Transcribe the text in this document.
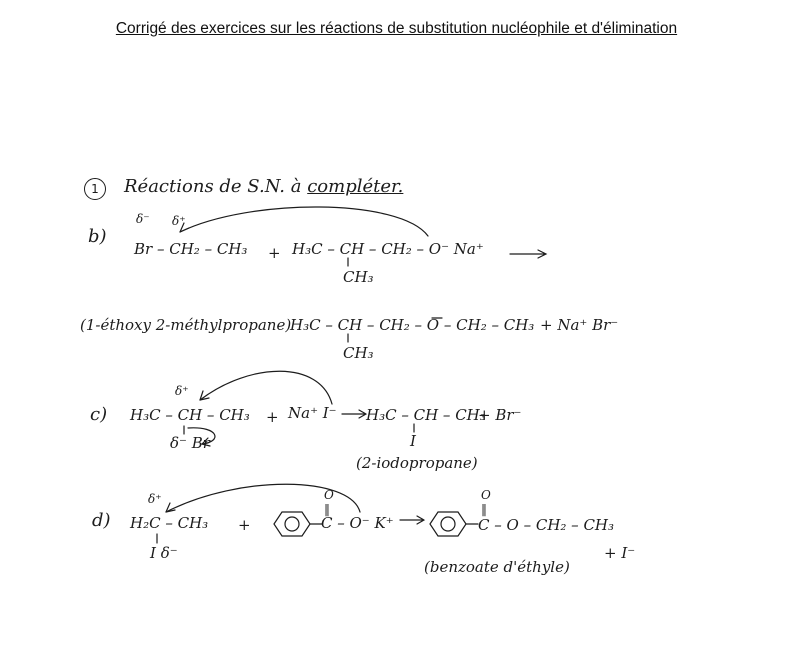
Corrigé des exercices sur les réactions de substitution nucléophile et d'élimination
1	Réactions de S.N. à compléter.
b)
δ⁻ δ⁺
Br – CH₂ – CH₃ + H₃C – CH – CH₂ – O⁻ Na⁺
CH₃
(1-éthoxy 2-méthylpropane)
H₃C – CH – CH₂ – O – CH₂ – CH₃
CH₃
+ Na⁺ Br⁻
c)
δ⁺
H₃C – CH – CH₃
δ⁻ Br
+ Na⁺ I⁻ H₃C – CH – CH₃
I
+ Br⁻
(2-iodopropane)
d)
δ⁺
H₂C – CH₃
I δ⁻
+
O
‖
C – O⁻ K⁺
O
‖
C – O – CH₂ – CH₃
(benzoate d'éthyle)
+ I⁻
